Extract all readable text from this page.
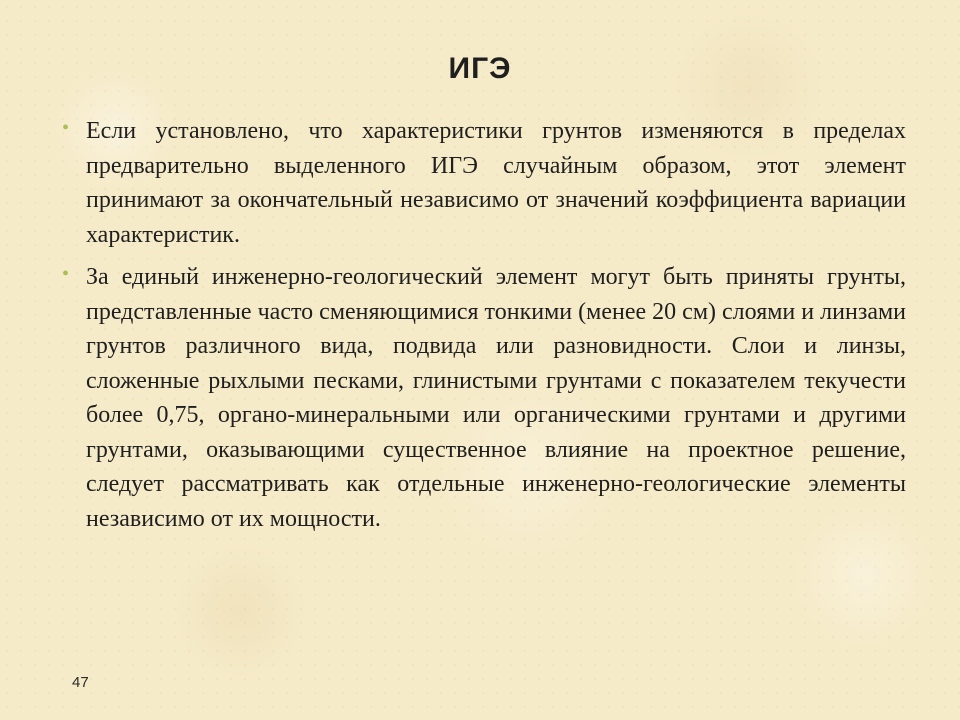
ИГЭ
• Если установлено, что характеристики грунтов изменяются в пределах предварительно выделенного ИГЭ случайным образом, этот элемент принимают за окончательный независимо от значений коэффициента вариации характеристик.
• За единый инженерно-геологический элемент могут быть приняты грунты, представленные часто сменяющимися тонкими (менее 20 см) слоями и линзами грунтов различного вида, подвида или разновидности. Слои и линзы, сложенные рыхлыми песками, глинистыми грунтами с показателем текучести более 0,75, органо-минеральными или органическими грунтами и другими грунтами, оказывающими существенное влияние на проектное решение, следует рассматривать как отдельные инженерно-геологические элементы независимо от их мощности.
47
